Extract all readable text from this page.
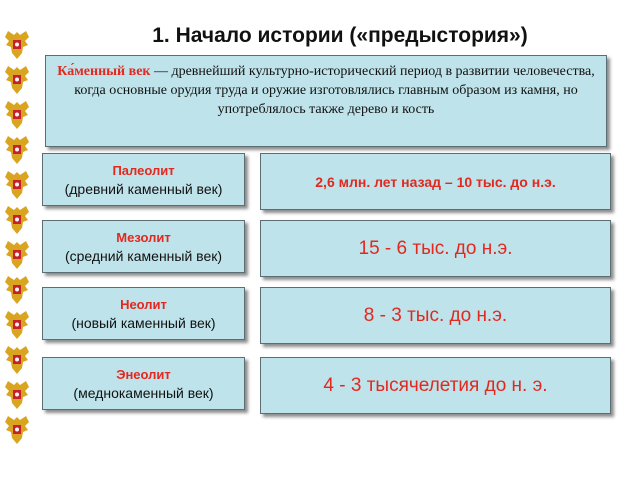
1. Начало истории («предыстория»)
Ка́менный век — древнейший культурно-исторический период в развитии человечества, когда основные орудия труда и оружие изготовлялись главным образом из камня, но употреблялось также дерево и кость
Палеолит
(древний каменный век)	2,6 млн. лет назад – 10 тыс. до н.э.
Мезолит
(средний каменный век)	15 - 6 тыс. до н.э.
Неолит
(новый каменный век)	8 - 3 тыс. до н.э.
Энеолит
(меднокаменный век)	4 - 3 тысячелетия до н. э.
